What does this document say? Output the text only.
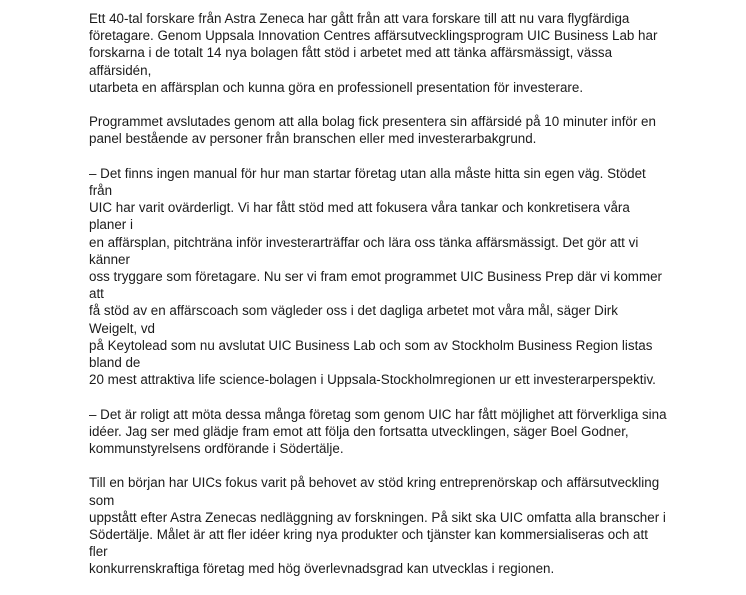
Ett 40-tal forskare från Astra Zeneca har gått från att vara forskare till att nu vara flygfärdiga
företagare. Genom Uppsala Innovation Centres affärsutvecklingsprogram UIC Business Lab har
forskarna i de totalt 14 nya bolagen fått stöd i arbetet med att tänka affärsmässigt, vässa affärsidén,
utarbeta en affärsplan och kunna göra en professionell presentation för investerare.

Programmet avslutades genom att alla bolag fick presentera sin affärsidé på 10 minuter inför en
panel bestående av personer från branschen eller med investerarbakgrund.

– Det finns ingen manual för hur man startar företag utan alla måste hitta sin egen väg. Stödet från
UIC har varit ovärderligt. Vi har fått stöd med att fokusera våra tankar och konkretisera våra planer i
en affärsplan, pitchträna inför investerarträffar och lära oss tänka affärsmässigt. Det gör att vi känner
oss tryggare som företagare. Nu ser vi fram emot programmet UIC Business Prep där vi kommer att
få stöd av en affärscoach som vägleder oss i det dagliga arbetet mot våra mål, säger Dirk Weigelt, vd
på Keytolead som nu avslutat UIC Business Lab och som av Stockholm Business Region listas bland de
20 mest attraktiva life science-bolagen i Uppsala-Stockholmregionen ur ett investerarperspektiv.

– Det är roligt att möta dessa många företag som genom UIC har fått möjlighet att förverkliga sina
idéer. Jag ser med glädje fram emot att följa den fortsatta utvecklingen, säger Boel Godner,
kommunstyrelsens ordförande i Södertälje.

Till en början har UICs fokus varit på behovet av stöd kring entreprenörskap och affärsutveckling som
uppstått efter Astra Zenecas nedläggning av forskningen. På sikt ska UIC omfatta alla branscher i
Södertälje. Målet är att fler idéer kring nya produkter och tjänster kan kommersialiseras och att fler
konkurrenskraftiga företag med hög överlevnadsgrad kan utvecklas i regionen.
